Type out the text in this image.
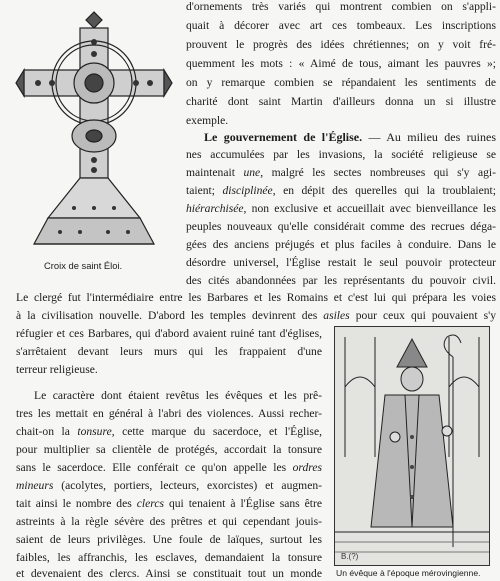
Croix de saint Éloi.
B.(?)
Un évêque à l'époque mérovingienne.
d'ornements très variés qui montrent combien on s'appli-
quait à décorer avec art ces tombeaux. Les inscriptions
prouvent le progrès des idées chrétiennes; on y voit fré-
quemment les mots : « Aimé de tous, aimant les pauvres »;
on y remarque combien se répandaient les sentiments de
charité dont saint Martin d'ailleurs donna un si illustre
exemple.
Le gouvernement de l'Église. — Au milieu des ruines
nes accumulées par les invasions, la société religieuse se
maintenait une, malgré les sectes nombreuses qui s'y agi-
taient; disciplinée, en dépit des querelles qui la troublaient;
hiérarchisée, non exclusive et accueillait avec bienveillance les
peuples nouveaux qu'elle considérait comme des recrues déga-
gées des anciens préjugés et plus faciles à conduire. Dans le
désordre universel, l'Église restait le seul pouvoir protecteur
des cités abandonnées par les représentants du pouvoir civil.
Le clergé fut l'intermédiaire entre les Barbares et les Romains et c'est lui qui prépara les voies
à la civilisation nouvelle. D'abord les temples devinrent des asiles pour ceux qui pouvaient s'y
réfugier et ces Barbares, qui d'abord avaient ruiné tant d'églises,
s'arrêtaient devant leurs murs qui les frappaient d'une
terreur religieuse.
Le caractère dont étaient revêtus les évêques et les prê-
tres les mettait en général à l'abri des violences. Aussi recher-
chait-on la tonsure, cette marque du sacerdoce, et l'Église,
pour multiplier sa clientèle de protégés, accordait la tonsure
sans le sacerdoce. Elle conférait ce qu'on appelle les ordres
mineurs (acolytes, portiers, lecteurs, exorcistes) et augmen-
tait ainsi le nombre des clercs qui tenaient à l'Église sans être
astreints à la règle sévère des prêtres et qui cependant jouis-
saient de leurs privilèges. Une foule de laïques, surtout les
faibles, les affranchis, les esclaves, demandaient la tonsure
et devenaient des clercs. Ainsi se constituait tout un monde
